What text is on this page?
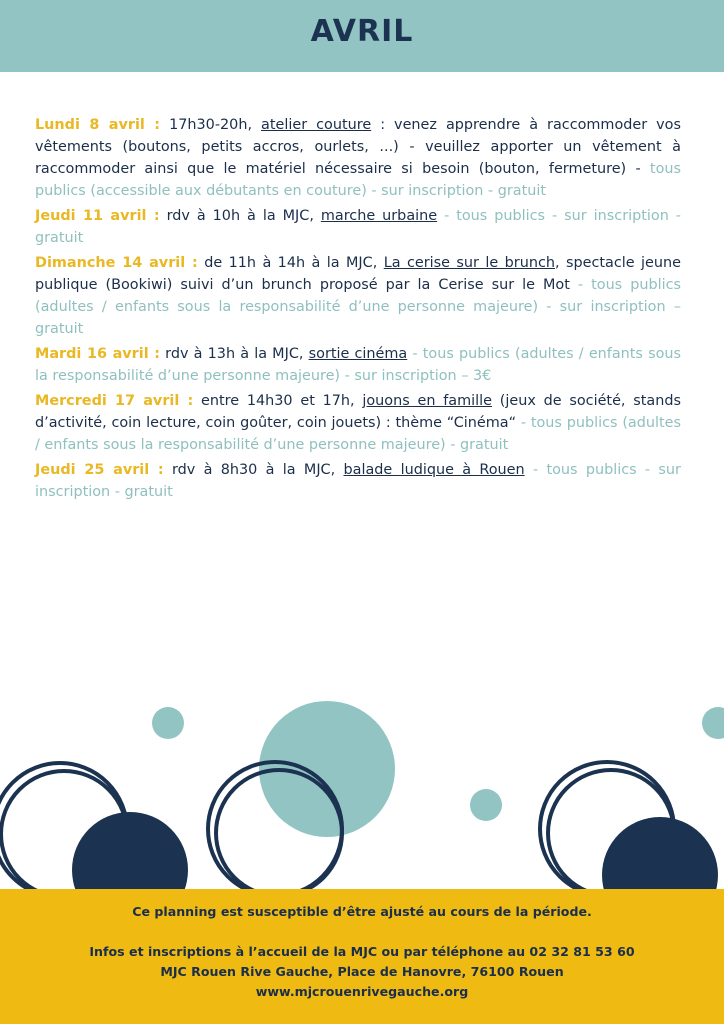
AVRIL

Lundi 8 avril : 17h30-20h, atelier couture : venez apprendre à raccommoder vos vêtements (boutons, petits accros, ourlets, ...) - veuillez apporter un vêtement à raccommoder ainsi que le matériel nécessaire si besoin (bouton, fermeture) - tous publics (accessible aux débutants en couture) - sur inscription - gratuit

Jeudi 11 avril : rdv à 10h à la MJC, marche urbaine - tous publics - sur inscription - gratuit

Dimanche 14 avril : de 11h à 14h à la MJC, La cerise sur le brunch, spectacle jeune publique (Bookiwi) suivi d’un brunch proposé par la Cerise sur le Mot - tous publics (adultes / enfants sous la responsabilité d’une personne majeure) - sur inscription – gratuit

Mardi 16 avril : rdv à 13h à la MJC, sortie cinéma - tous publics (adultes / enfants sous la responsabilité d’une personne majeure) - sur inscription – 3€

Mercredi 17 avril : entre 14h30 et 17h, jouons en famille (jeux de société, stands d’activité, coin lecture, coin goûter, coin jouets) : thème “Cinéma“ - tous publics (adultes / enfants sous la responsabilité d’une personne majeure) - gratuit

Jeudi 25 avril : rdv à 8h30 à la MJC, balade ludique à Rouen - tous publics - sur inscription - gratuit

Ce planning est susceptible d’être ajusté au cours de la période.
Infos et inscriptions à l’accueil de la MJC ou par téléphone au 02 32 81 53 60
MJC Rouen Rive Gauche, Place de Hanovre, 76100 Rouen
www.mjcrouenrivegauche.org
